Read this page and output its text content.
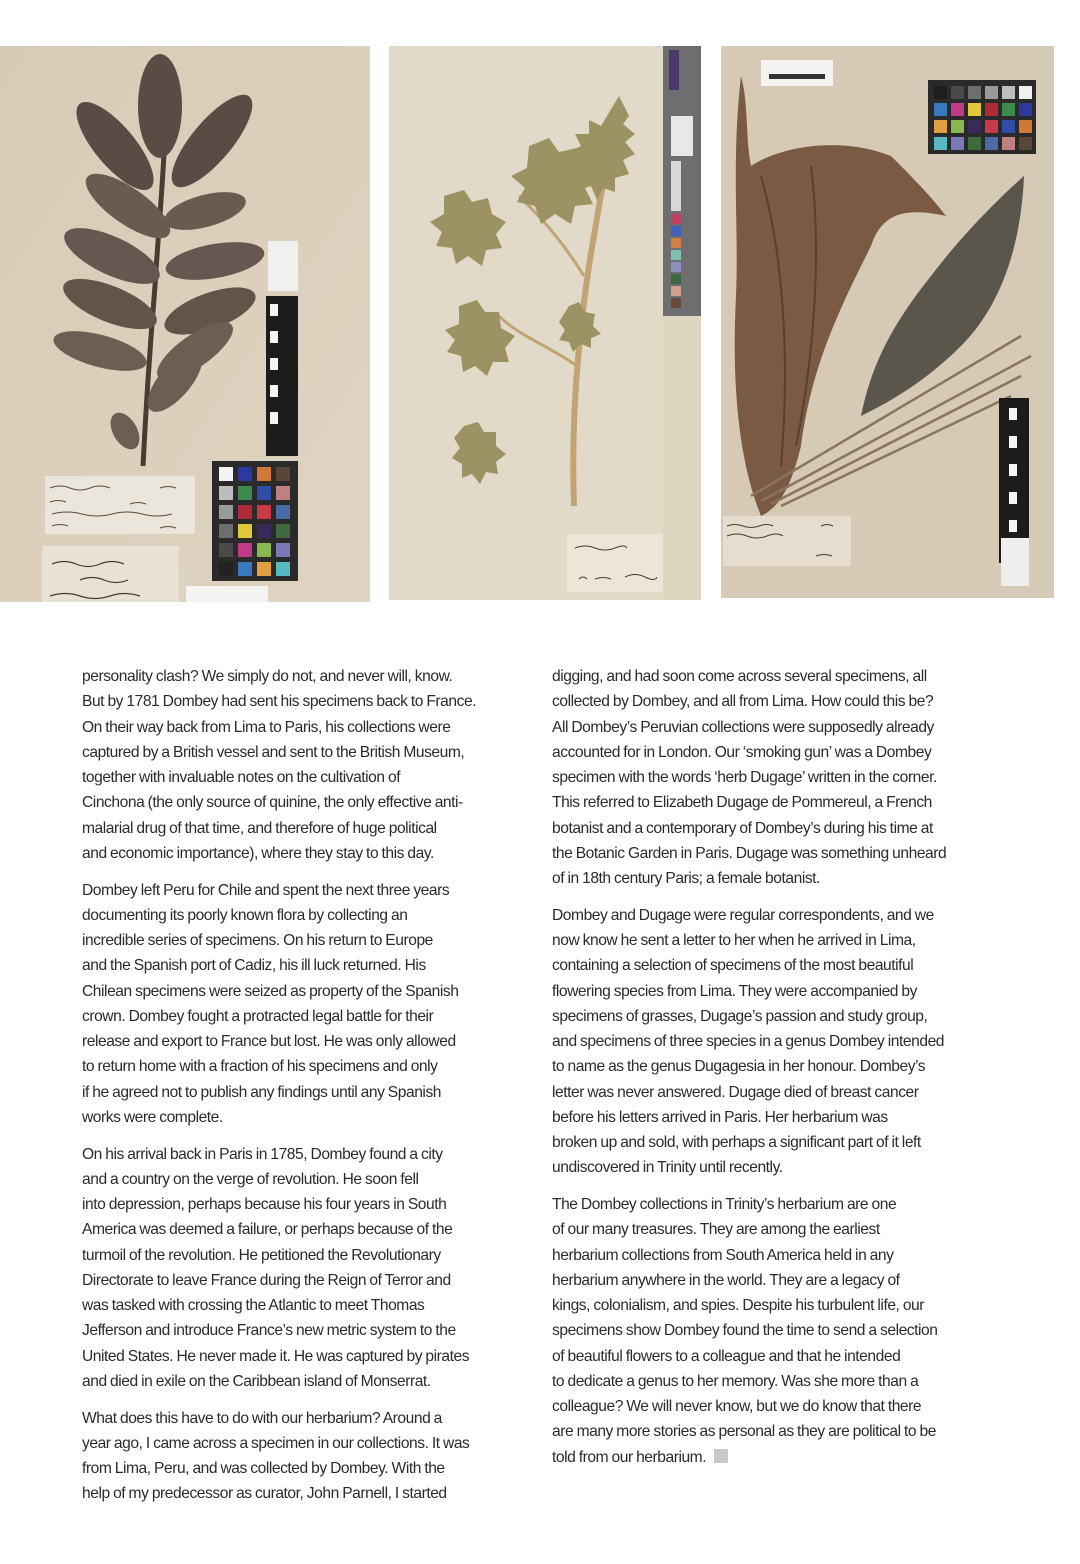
personality clash? We simply do not, and never will, know.
But by 1781 Dombey had sent his specimens back to France.
On their way back from Lima to Paris, his collections were
captured by a British vessel and sent to the British Museum,
together with invaluable notes on the cultivation of
Cinchona (the only source of quinine, the only effective anti-
malarial drug of that time, and therefore of huge political
and economic importance), where they stay to this day.

Dombey left Peru for Chile and spent the next three years
documenting its poorly known flora by collecting an
incredible series of specimens. On his return to Europe
and the Spanish port of Cadiz, his ill luck returned. His
Chilean specimens were seized as property of the Spanish
crown. Dombey fought a protracted legal battle for their
release and export to France but lost. He was only allowed
to return home with a fraction of his specimens and only
if he agreed not to publish any findings until any Spanish
works were complete.

On his arrival back in Paris in 1785, Dombey found a city
and a country on the verge of revolution. He soon fell
into depression, perhaps because his four years in South
America was deemed a failure, or perhaps because of the
turmoil of the revolution. He petitioned the Revolutionary
Directorate to leave France during the Reign of Terror and
was tasked with crossing the Atlantic to meet Thomas
Jefferson and introduce France’s new metric system to the
United States. He never made it. He was captured by pirates
and died in exile on the Caribbean island of Monserrat.

What does this have to do with our herbarium? Around a
year ago, I came across a specimen in our collections. It was
from Lima, Peru, and was collected by Dombey. With the
help of my predecessor as curator, John Parnell, I started

digging, and had soon come across several specimens, all
collected by Dombey, and all from Lima. How could this be?
All Dombey’s Peruvian collections were supposedly already
accounted for in London. Our ‘smoking gun’ was a Dombey
specimen with the words ‘herb Dugage’ written in the corner.
This referred to Elizabeth Dugage de Pommereul, a French
botanist and a contemporary of Dombey’s during his time at
the Botanic Garden in Paris. Dugage was something unheard
of in 18th century Paris; a female botanist.

Dombey and Dugage were regular correspondents, and we
now know he sent a letter to her when he arrived in Lima,
containing a selection of specimens of the most beautiful
flowering species from Lima. They were accompanied by
specimens of grasses, Dugage’s passion and study group,
and specimens of three species in a genus Dombey intended
to name as the genus Dugagesia in her honour. Dombey’s
letter was never answered. Dugage died of breast cancer
before his letters arrived in Paris. Her herbarium was
broken up and sold, with perhaps a significant part of it left
undiscovered in Trinity until recently.

The Dombey collections in Trinity’s herbarium are one
of our many treasures. They are among the earliest
herbarium collections from South America held in any
herbarium anywhere in the world. They are a legacy of
kings, colonialism, and spies. Despite his turbulent life, our
specimens show Dombey found the time to send a selection
of beautiful flowers to a colleague and that he intended
to dedicate a genus to her memory. Was she more than a
colleague? We will never know, but we do know that there
are many more stories as personal as they are political to be
told from our herbarium.
